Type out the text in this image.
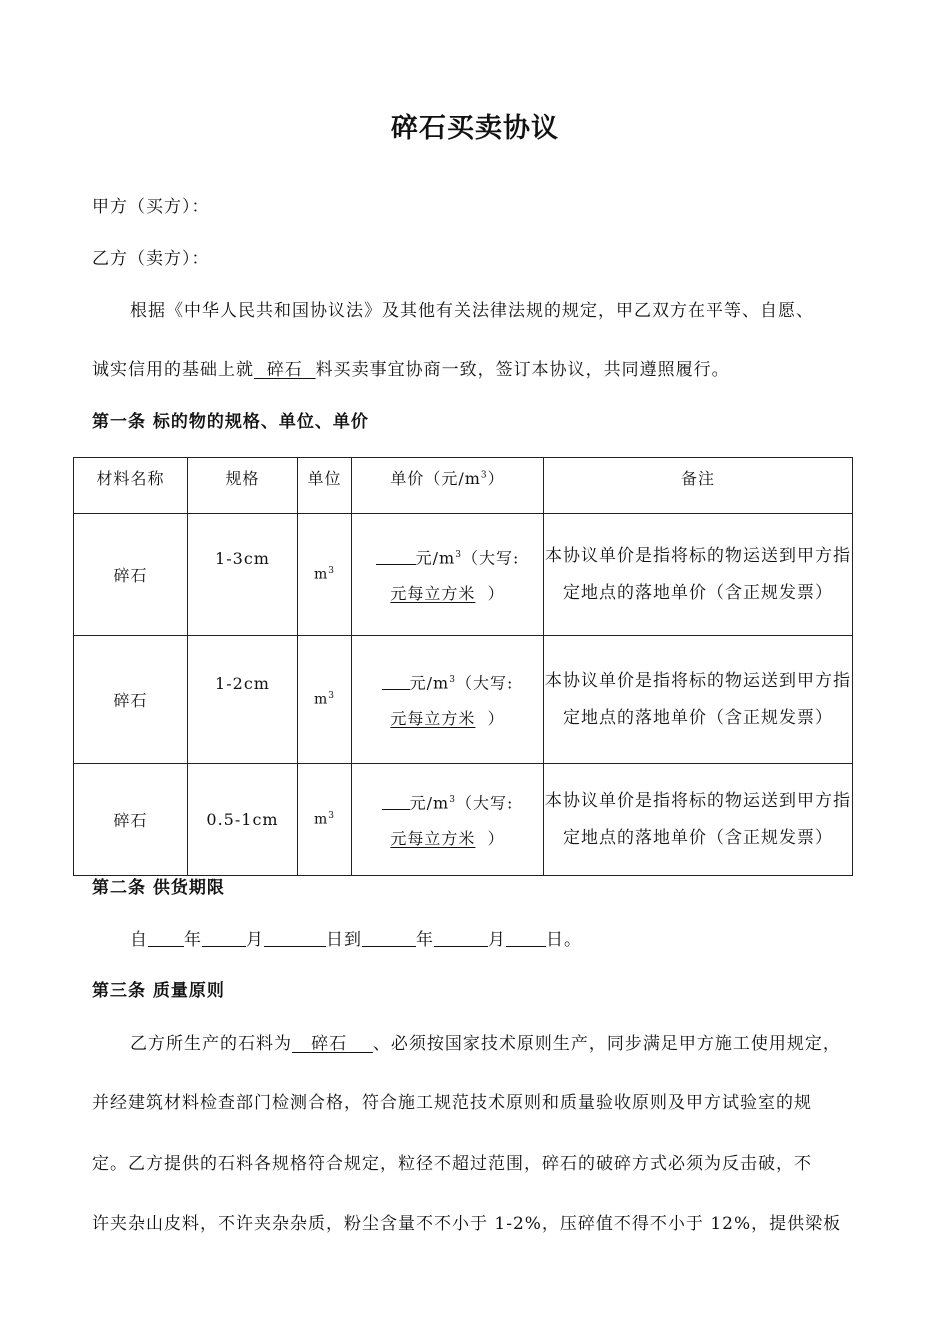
碎石买卖协议
甲方（买方）：
乙方（卖方）：
根据《中华人民共和国协议法》及其他有关法律法规的规定，甲乙双方在平等、自愿、
诚实信用的基础上就 碎石 料买卖事宜协商一致，签订本协议，共同遵照履行。
第一条 标的物的规格、单位、单价
材料名称	规格	单位	单价（元$/m^3$）	备注
碎石	1-3cm	$m^3$	元$/m^3$（大写:
元每立方米 ）	本协议单价是指将标的物运送到甲方指定地点的落地单价（含正规发票）
碎石	1-2cm	$m^3$	元$/m^3$（大写:
元每立方米 ）	本协议单价是指将标的物运送到甲方指定地点的落地单价（含正规发票）
碎石	0.5-1cm	$m^3$	元$/m^3$（大写:
元每立方米 ）	本协议单价是指将标的物运送到甲方指定地点的落地单价（含正规发票）
第二条 供货期限
自 年	月	日到	年	月 日。
第三条 质量原则
乙方所生产的石料为 碎石 、必须按国家技术原则生产，同步满足甲方施工使用规定，
并经建筑材料检查部门检测合格，符合施工规范技术原则和质量验收原则及甲方试验室的规
定。乙方提供的石料各规格符合规定，粒径不超过范围，碎石的破碎方式必须为反击破，不
许夹杂山皮料，不许夹杂杂质，粉尘含量不不小于 1-2%，压碎值不得不小于 12%，提供梁板
